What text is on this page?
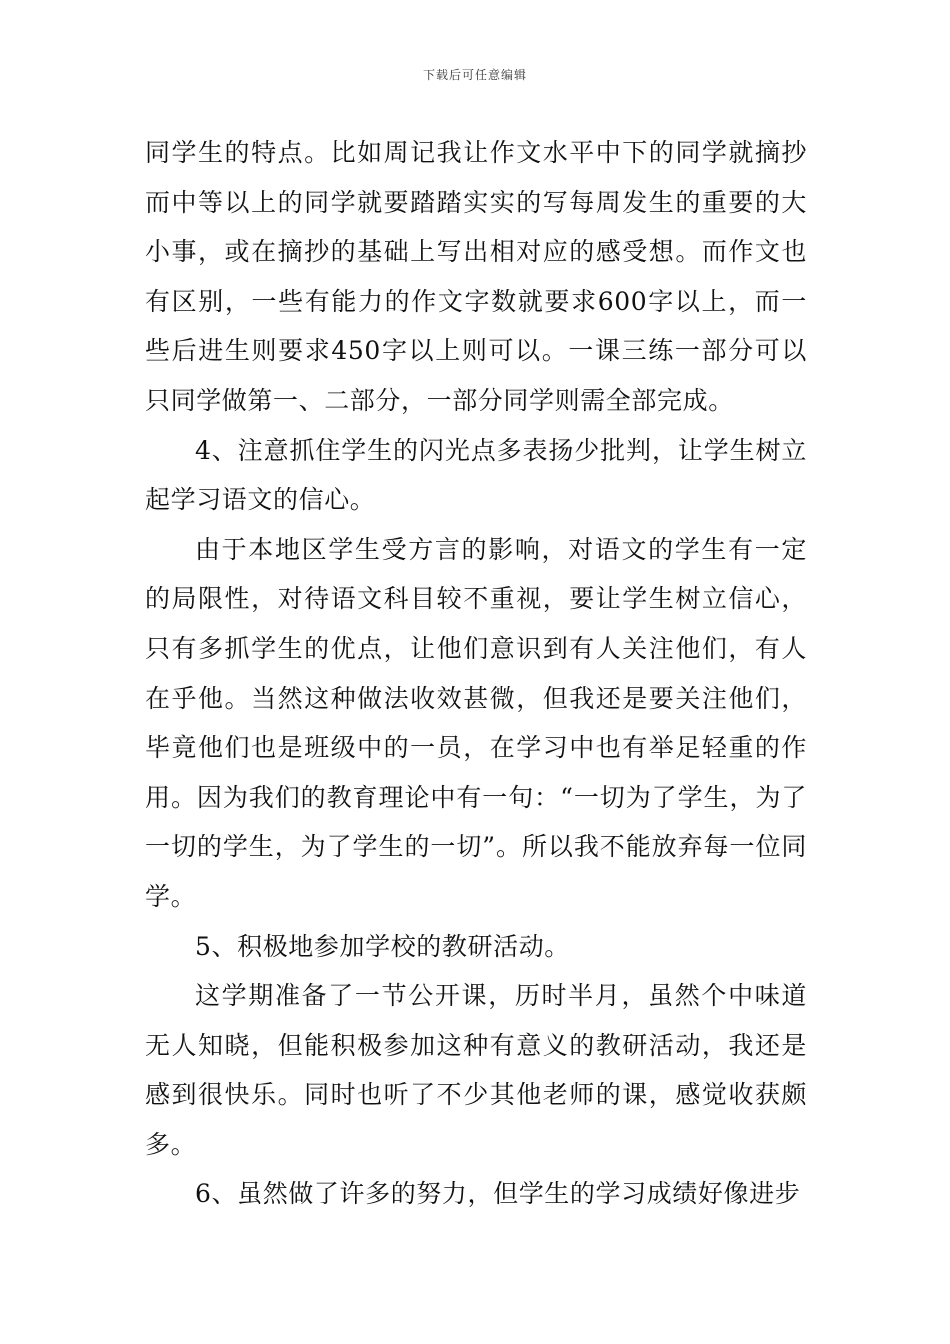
下载后可任意编辑

同学生的特点。比如周记我让作文水平中下的同学就摘抄而中等以上的同学就要踏踏实实的写每周发生的重要的大小事，或在摘抄的基础上写出相对应的感受想。而作文也有区别，一些有能力的作文字数就要求600字以上，而一些后进生则要求450字以上则可以。一课三练一部分可以只同学做第一、二部分，一部分同学则需全部完成。

4、注意抓住学生的闪光点多表扬少批判，让学生树立起学习语文的信心。

由于本地区学生受方言的影响，对语文的学生有一定的局限性，对待语文科目较不重视，要让学生树立信心，只有多抓学生的优点，让他们意识到有人关注他们，有人在乎他。当然这种做法收效甚微，但我还是要关注他们，毕竟他们也是班级中的一员，在学习中也有举足轻重的作用。因为我们的教育理论中有一句：“一切为了学生，为了一切的学生，为了学生的一切”。所以我不能放弃每一位同学。

5、积极地参加学校的教研活动。

这学期准备了一节公开课，历时半月，虽然个中味道无人知晓，但能积极参加这种有意义的教研活动，我还是感到很快乐。同时也听了不少其他老师的课，感觉收获颇多。

6、虽然做了许多的努力，但学生的学习成绩好像进步
